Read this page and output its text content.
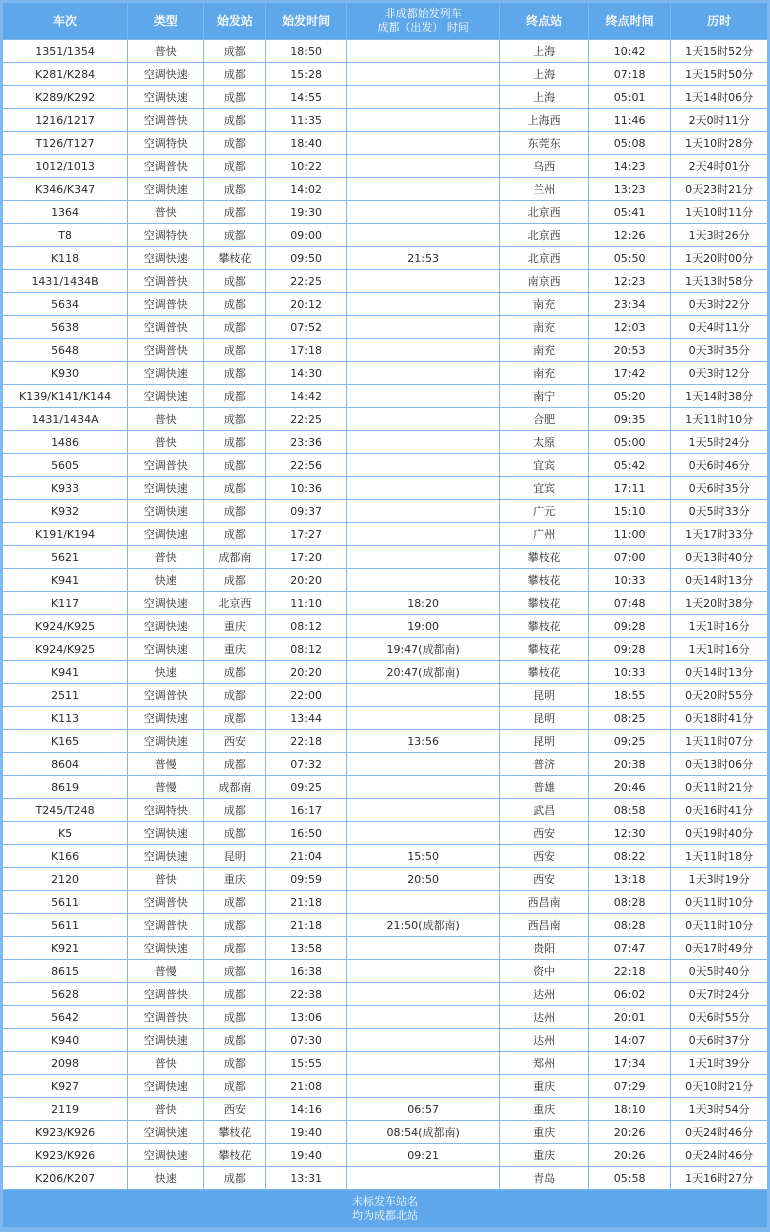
车次	类型	始发站	始发时间	非成都始发列车
成都（出发） 时间	终点站	终点时间	历时
1351/1354	普快	成都	18:50		上海	10:42	1天15时52分
K281/K284	空调快速	成都	15:28		上海	07:18	1天15时50分
K289/K292	空调快速	成都	14:55		上海	05:01	1天14时06分
1216/1217	空调普快	成都	11:35		上海西	11:46	2天0时11分
T126/T127	空调特快	成都	18:40		东莞东	05:08	1天10时28分
1012/1013	空调普快	成都	10:22		乌西	14:23	2天4时01分
K346/K347	空调快速	成都	14:02		兰州	13:23	0天23时21分
1364	普快	成都	19:30		北京西	05:41	1天10时11分
T8	空调特快	成都	09:00		北京西	12:26	1天3时26分
K118	空调快速	攀枝花	09:50	21:53	北京西	05:50	1天20时00分
1431/1434B	空调普快	成都	22:25		南京西	12:23	1天13时58分
5634	空调普快	成都	20:12		南充	23:34	0天3时22分
5638	空调普快	成都	07:52		南充	12:03	0天4时11分
5648	空调普快	成都	17:18		南充	20:53	0天3时35分
K930	空调快速	成都	14:30		南充	17:42	0天3时12分
K139/K141/K144	空调快速	成都	14:42		南宁	05:20	1天14时38分
1431/1434A	普快	成都	22:25		合肥	09:35	1天11时10分
1486	普快	成都	23:36		太原	05:00	1天5时24分
5605	空调普快	成都	22:56		宜宾	05:42	0天6时46分
K933	空调快速	成都	10:36		宜宾	17:11	0天6时35分
K932	空调快速	成都	09:37		广元	15:10	0天5时33分
K191/K194	空调快速	成都	17:27		广州	11:00	1天17时33分
5621	普快	成都南	17:20		攀枝花	07:00	0天13时40分
K941	快速	成都	20:20		攀枝花	10:33	0天14时13分
K117	空调快速	北京西	11:10	18:20	攀枝花	07:48	1天20时38分
K924/K925	空调快速	重庆	08:12	19:00	攀枝花	09:28	1天1时16分
K924/K925	空调快速	重庆	08:12	19:47(成都南)	攀枝花	09:28	1天1时16分
K941	快速	成都	20:20	20:47(成都南)	攀枝花	10:33	0天14时13分
2511	空调普快	成都	22:00		昆明	18:55	0天20时55分
K113	空调快速	成都	13:44		昆明	08:25	0天18时41分
K165	空调快速	西安	22:18	13:56	昆明	09:25	1天11时07分
8604	普慢	成都	07:32		普济	20:38	0天13时06分
8619	普慢	成都南	09:25		普雄	20:46	0天11时21分
T245/T248	空调特快	成都	16:17		武昌	08:58	0天16时41分
K5	空调快速	成都	16:50		西安	12:30	0天19时40分
K166	空调快速	昆明	21:04	15:50	西安	08:22	1天11时18分
2120	普快	重庆	09:59	20:50	西安	13:18	1天3时19分
5611	空调普快	成都	21:18		西昌南	08:28	0天11时10分
5611	空调普快	成都	21:18	21:50(成都南)	西昌南	08:28	0天11时10分
K921	空调快速	成都	13:58		贵阳	07:47	0天17时49分
8615	普慢	成都	16:38		资中	22:18	0天5时40分
5628	空调普快	成都	22:38		达州	06:02	0天7时24分
5642	空调普快	成都	13:06		达州	20:01	0天6时55分
K940	空调快速	成都	07:30		达州	14:07	0天6时37分
2098	普快	成都	15:55		郑州	17:34	1天1时39分
K927	空调快速	成都	21:08		重庆	07:29	0天10时21分
2119	普快	西安	14:16	06:57	重庆	18:10	1天3时54分
K923/K926	空调快速	攀枝花	19:40	08:54(成都南)	重庆	20:26	0天24时46分
K923/K926	空调快速	攀枝花	19:40	09:21	重庆	20:26	0天24时46分
K206/K207	快速	成都	13:31		青岛	05:58	1天16时27分
未标发车站名
均为成都北站							
